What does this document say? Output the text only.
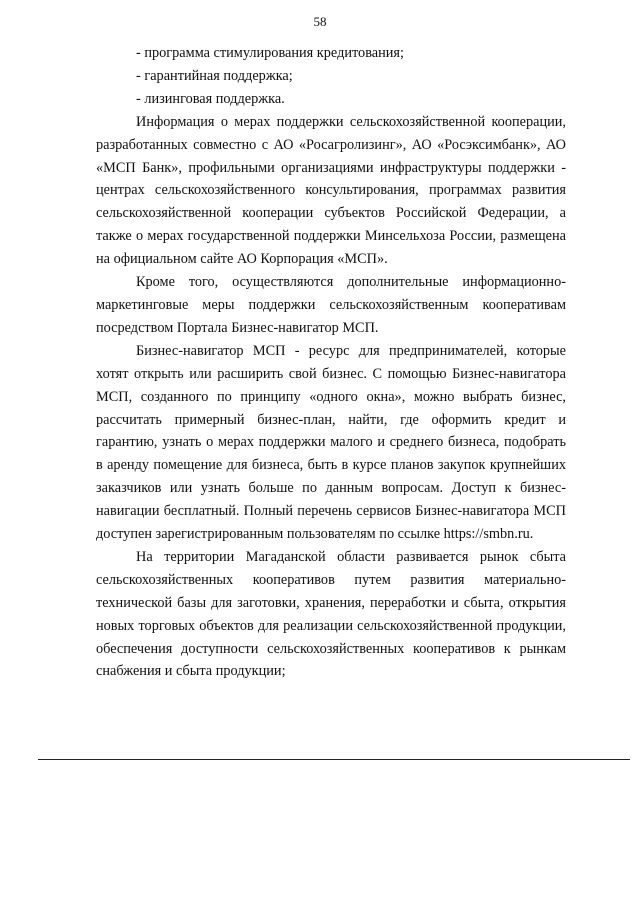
58

- программа стимулирования кредитования;

- гарантийная поддержка;

- лизинговая поддержка.

Информация о мерах поддержки сельскохозяйственной кооперации, разработанных совместно с АО «Росагролизинг», АО «Росэксимбанк», АО «МСП Банк», профильными организациями инфраструктуры поддержки - центрах сельскохозяйственного консультирования, программах развития сельскохозяйственной кооперации субъектов Российской Федерации, а также о мерах государственной поддержки Минсельхоза России, размещена на официальном сайте АО Корпорация «МСП».

Кроме того, осуществляются дополнительные информационно-маркетинговые меры поддержки сельскохозяйственным кооперативам посредством Портала Бизнес-навигатор МСП.

Бизнес-навигатор МСП - ресурс для предпринимателей, которые хотят открыть или расширить свой бизнес. С помощью Бизнес-навигатора МСП, созданного по принципу «одного окна», можно выбрать бизнес, рассчитать примерный бизнес-план, найти, где оформить кредит и гарантию, узнать о мерах поддержки малого и среднего бизнеса, подобрать в аренду помещение для бизнеса, быть в курсе планов закупок крупнейших заказчиков или узнать больше по данным вопросам. Доступ к бизнес-навигации бесплатный. Полный перечень сервисов Бизнес-навигатора МСП доступен зарегистрированным пользователям по ссылке https://smbn.ru.

На территории Магаданской области развивается рынок сбыта сельскохозяйственных кооперативов путем развития материально-технической базы для заготовки, хранения, переработки и сбыта, открытия новых торговых объектов для реализации сельскохозяйственной продукции, обеспечения доступности сельскохозяйственных кооперативов к рынкам снабжения и сбыта продукции;
